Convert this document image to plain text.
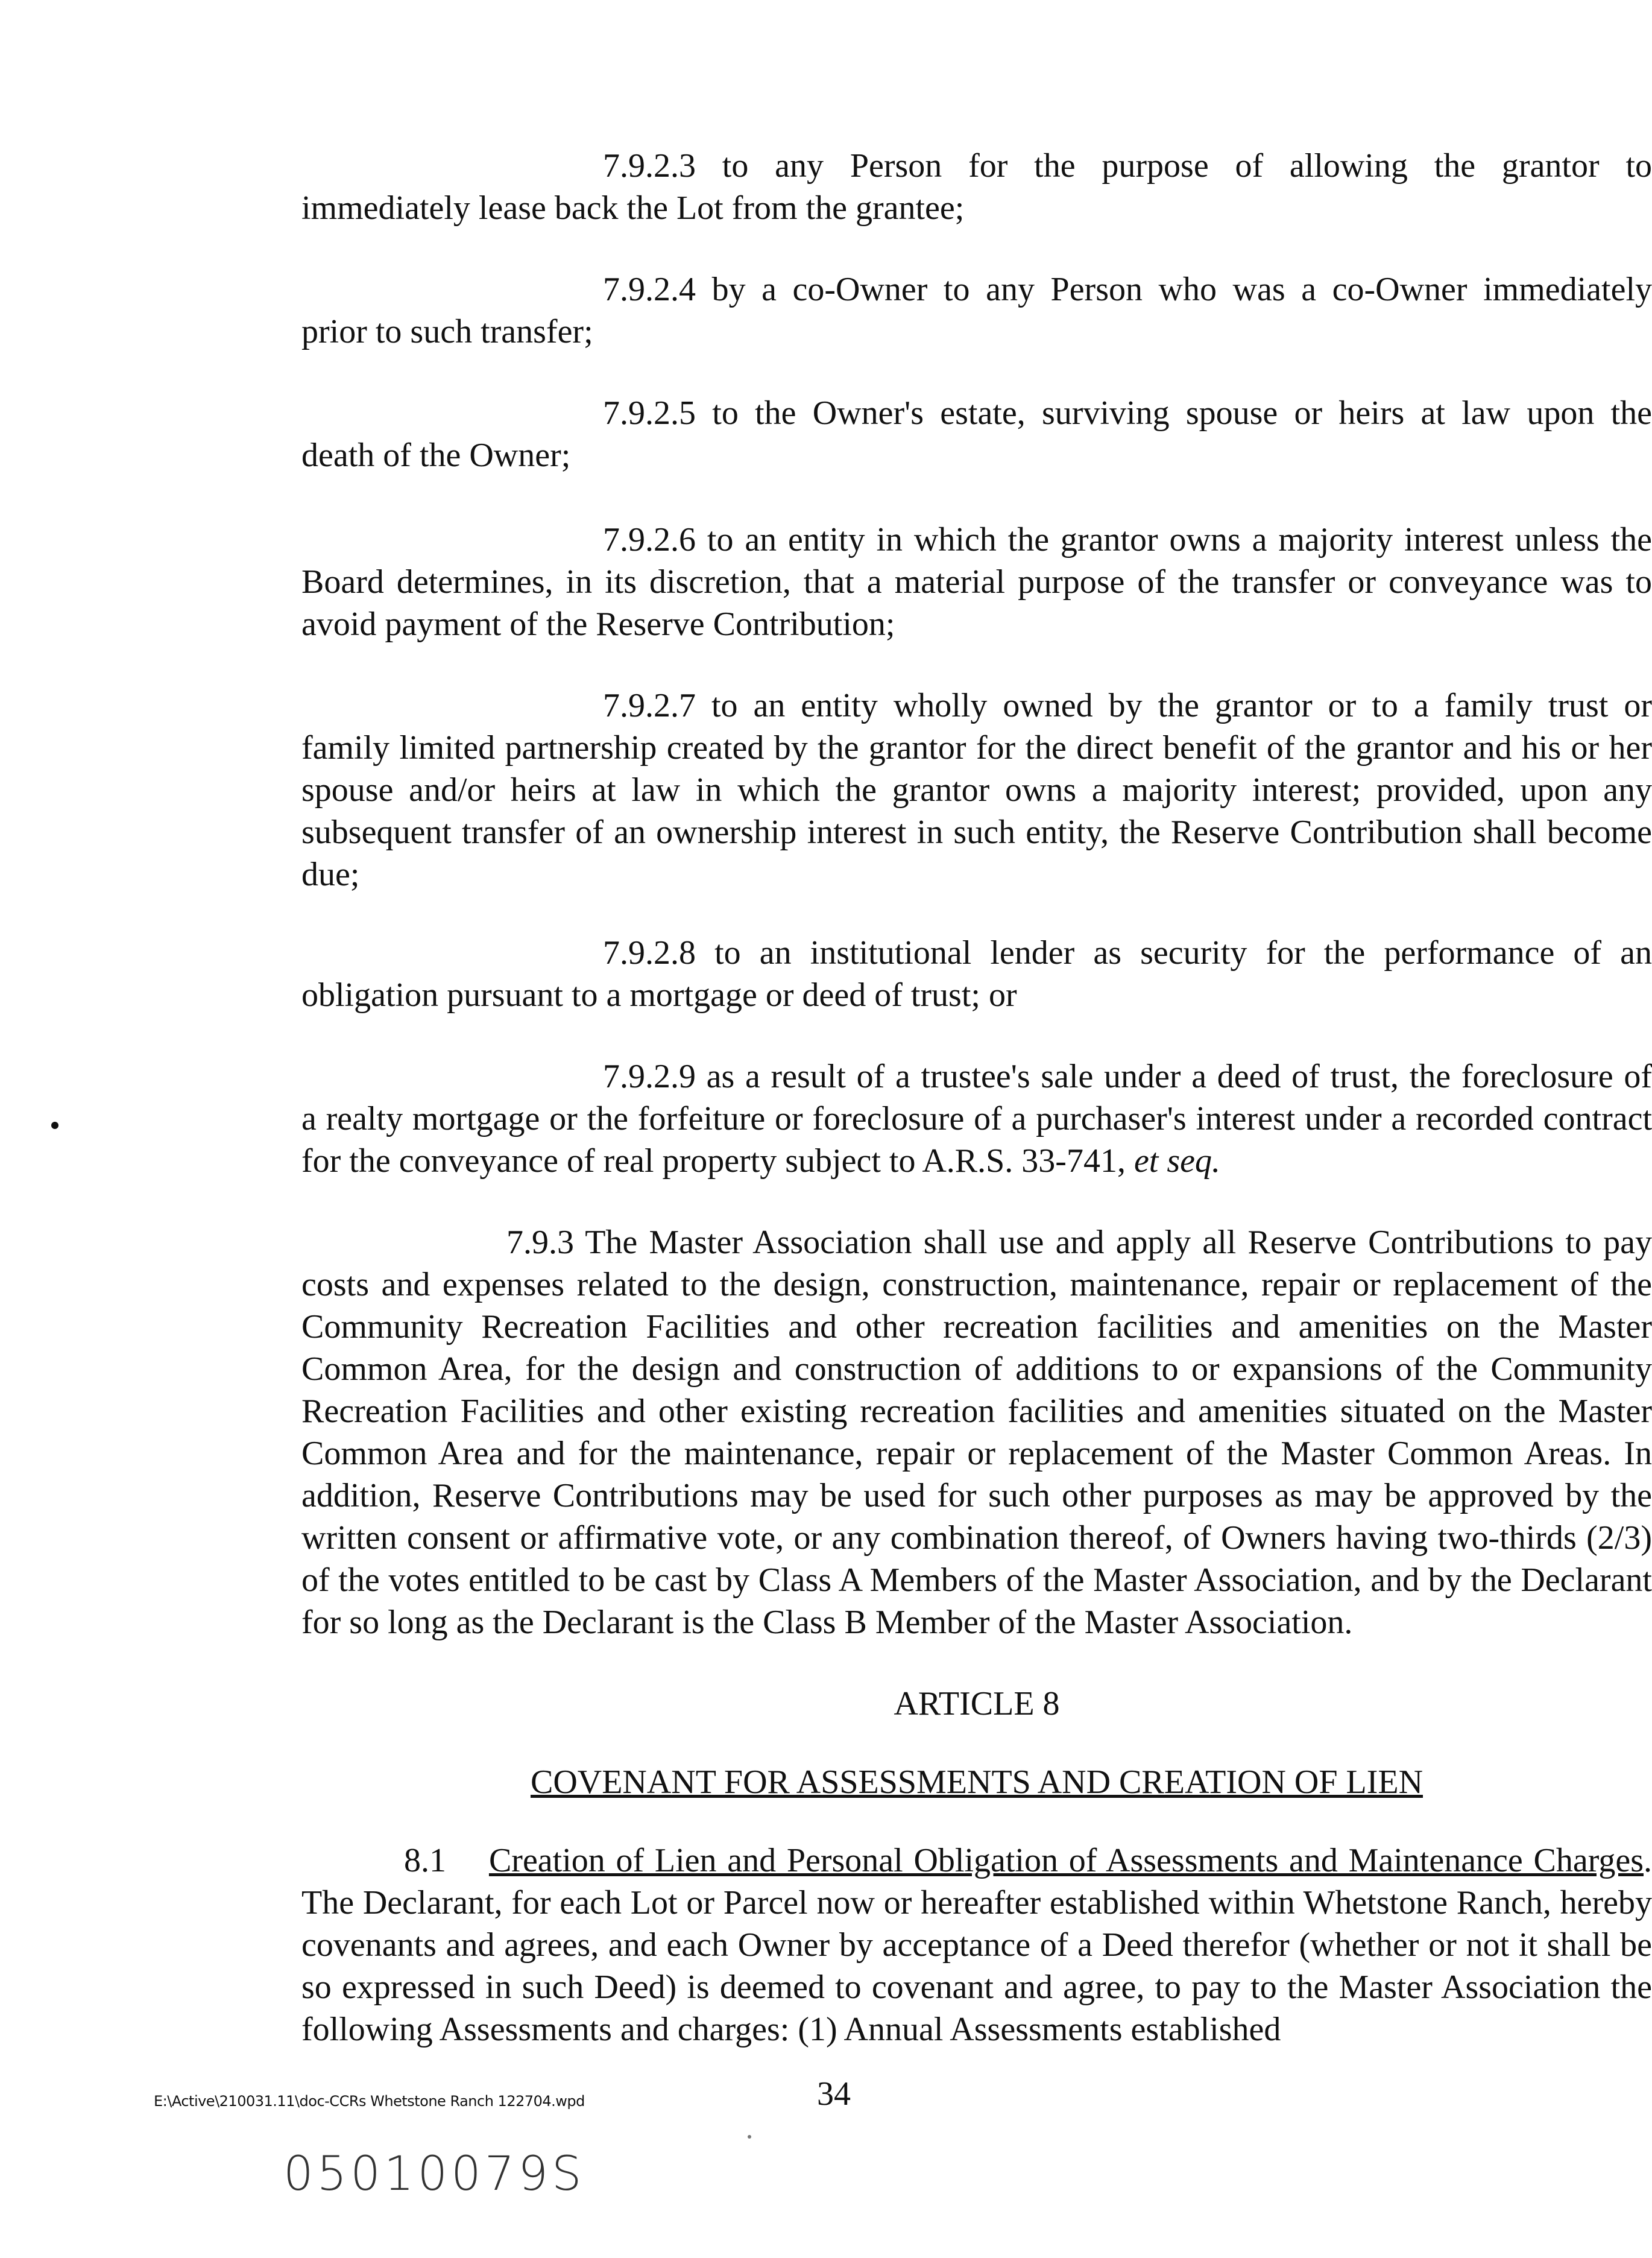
7.9.2.3 to any Person for the purpose of allowing the grantor to
immediately lease back the Lot from the grantee;

7.9.2.4 by a co-Owner to any Person who was a co-Owner immediately
prior to such transfer;

7.9.2.5 to the Owner's estate, surviving spouse or heirs at law upon the
death of the Owner;

7.9.2.6 to an entity in which the grantor owns a majority interest unless the
Board determines, in its discretion, that a material purpose of the transfer or conveyance was to avoid payment of the Reserve Contribution;

7.9.2.7 to an entity wholly owned by the grantor or to a family trust or
family limited partnership created by the grantor for the direct benefit of the grantor and his or her spouse and/or heirs at law in which the grantor owns a majority interest; provided, upon any subsequent transfer of an ownership interest in such entity, the Reserve Contribution shall become due;

7.9.2.8 to an institutional lender as security for the performance of an
obligation pursuant to a mortgage or deed of trust; or

7.9.2.9 as a result of a trustee's sale under a deed of trust, the foreclosure of
a realty mortgage or the forfeiture or foreclosure of a purchaser's interest under a recorded contract for the conveyance of real property subject to A.R.S. 33-741, et seq.

7.9.3 The Master Association shall use and apply all Reserve Contributions to pay costs and expenses related to the design, construction, maintenance, repair or replacement of the Community Recreation Facilities and other recreation facilities and amenities on the Master Common Area, for the design and construction of additions to or expansions of the Community Recreation Facilities and other existing recreation facilities and amenities situated on the Master Common Area and for the maintenance, repair or replacement of the Master Common Areas. In addition, Reserve Contributions may be used for such other purposes as may be approved by the written consent or affirmative vote, or any combination thereof, of Owners having two-thirds (2/3) of the votes entitled to be cast by Class A Members of the Master Association, and by the Declarant for so long as the Declarant is the Class B Member of the Master Association.

ARTICLE 8
COVENANT FOR ASSESSMENTS AND CREATION OF LIEN

8.1 Creation of Lien and Personal Obligation of Assessments and Maintenance Charges. The Declarant, for each Lot or Parcel now or hereafter established within Whetstone Ranch, hereby covenants and agrees, and each Owner by acceptance of a Deed therefor (whether or not it shall be so expressed in such Deed) is deemed to covenant and agree, to pay to the Master Association the following Assessments and charges: (1) Annual Assessments established

E:\Active\210031.11\doc-CCRs Whetstone Ranch 122704.wpd	34
05010079S
